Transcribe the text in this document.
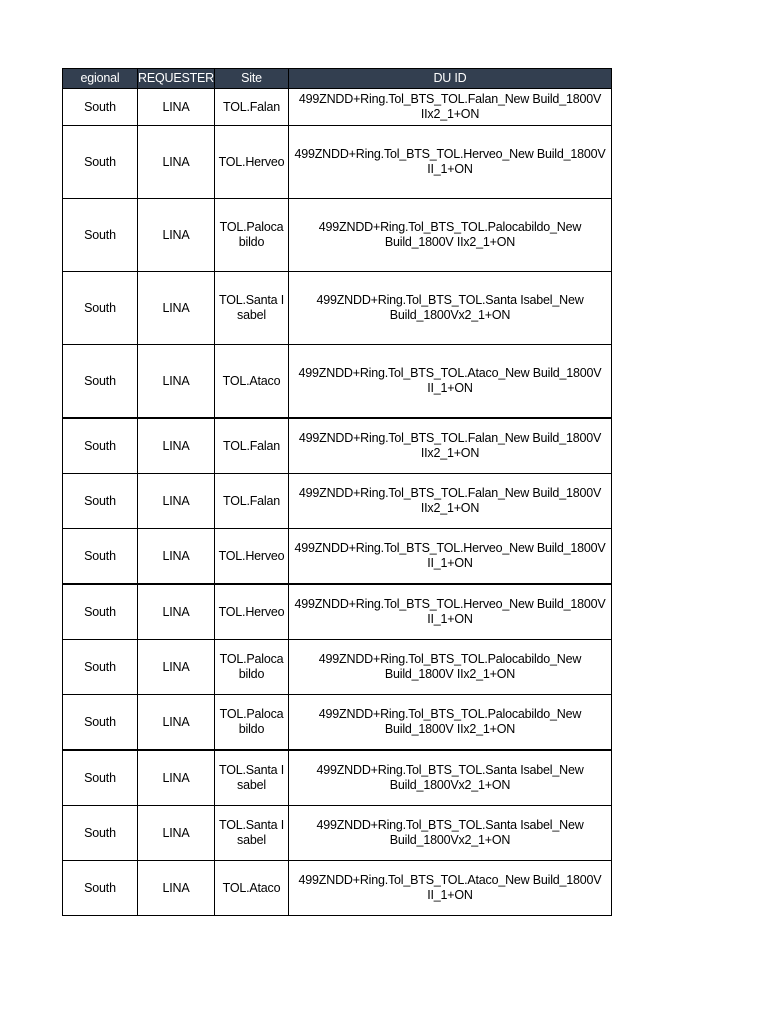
egional	REQUESTER	Site	DU ID
South	LINA	TOL.Falan	499ZNDD+Ring.Tol_BTS_TOL.Falan_New Build_1800V IIx2_1+ON
South	LINA	TOL.Herveo	499ZNDD+Ring.Tol_BTS_TOL.Herveo_New Build_1800V II_1+ON
South	LINA	TOL.Palocabildo	499ZNDD+Ring.Tol_BTS_TOL.Palocabildo_New Build_1800V IIx2_1+ON
South	LINA	TOL.Santa Isabel	499ZNDD+Ring.Tol_BTS_TOL.Santa Isabel_New Build_1800Vx2_1+ON
South	LINA	TOL.Ataco	499ZNDD+Ring.Tol_BTS_TOL.Ataco_New Build_1800V II_1+ON
South	LINA	TOL.Falan	499ZNDD+Ring.Tol_BTS_TOL.Falan_New Build_1800V IIx2_1+ON
South	LINA	TOL.Falan	499ZNDD+Ring.Tol_BTS_TOL.Falan_New Build_1800V IIx2_1+ON
South	LINA	TOL.Herveo	499ZNDD+Ring.Tol_BTS_TOL.Herveo_New Build_1800V II_1+ON
South	LINA	TOL.Herveo	499ZNDD+Ring.Tol_BTS_TOL.Herveo_New Build_1800V II_1+ON
South	LINA	TOL.Palocabildo	499ZNDD+Ring.Tol_BTS_TOL.Palocabildo_New Build_1800V IIx2_1+ON
South	LINA	TOL.Palocabildo	499ZNDD+Ring.Tol_BTS_TOL.Palocabildo_New Build_1800V IIx2_1+ON
South	LINA	TOL.Santa Isabel	499ZNDD+Ring.Tol_BTS_TOL.Santa Isabel_New Build_1800Vx2_1+ON
South	LINA	TOL.Santa Isabel	499ZNDD+Ring.Tol_BTS_TOL.Santa Isabel_New Build_1800Vx2_1+ON
South	LINA	TOL.Ataco	499ZNDD+Ring.Tol_BTS_TOL.Ataco_New Build_1800V II_1+ON
